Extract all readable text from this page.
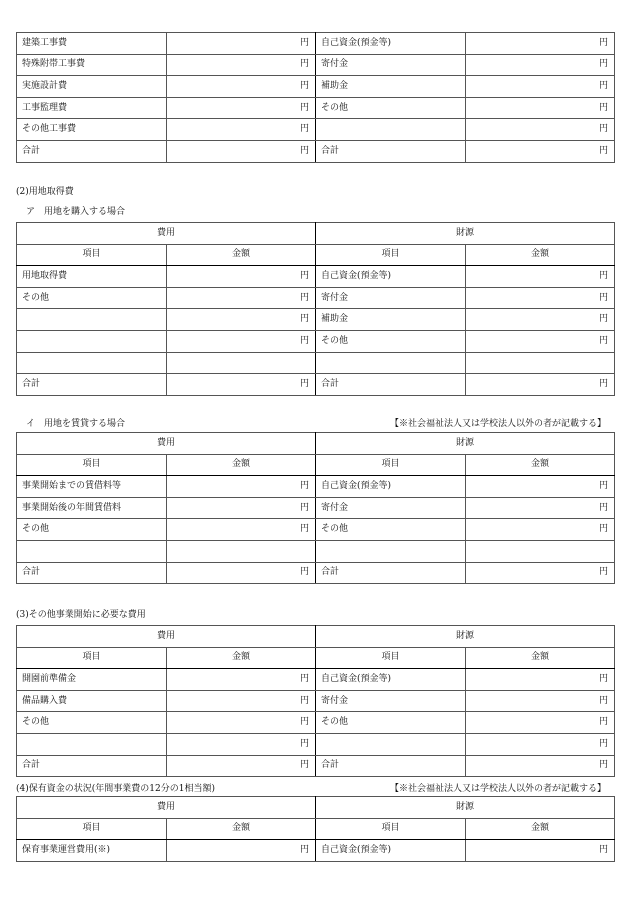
建築工事費	円	自己資金(預金等)	円
特殊附帯工事費	円	寄付金	円
実施設計費	円	補助金	円
工事監理費	円	その他	円
その他工事費	円		円
合計	円	合計	円
(2)用地取得費
ア　用地を購入する場合
費用		財源	
項目	金額	項目	金額
用地取得費	円	自己資金(預金等)	円
その他	円	寄付金	円
	円	補助金	円
	円	その他	円

合計	円	合計	円
イ　用地を賃貸する場合	【※社会福祉法人又は学校法人以外の者が記載する】
費用		財源	
項目	金額	項目	金額
事業開始までの賃借料等	円	自己資金(預金等)	円
事業開始後の年間賃借料	円	寄付金	円
その他	円	その他	円

合計	円	合計	円
(3)その他事業開始に必要な費用
費用		財源	
項目	金額	項目	金額
開園前準備金	円	自己資金(預金等)	円
備品購入費	円	寄付金	円
その他	円	その他	円
	円		円
合計	円	合計	円
(4)保有資金の状況(年間事業費の12分の1相当額)	【※社会福祉法人又は学校法人以外の者が記載する】
費用		財源	
項目	金額	項目	金額
保育事業運営費用(※)	円	自己資金(預金等)	円
